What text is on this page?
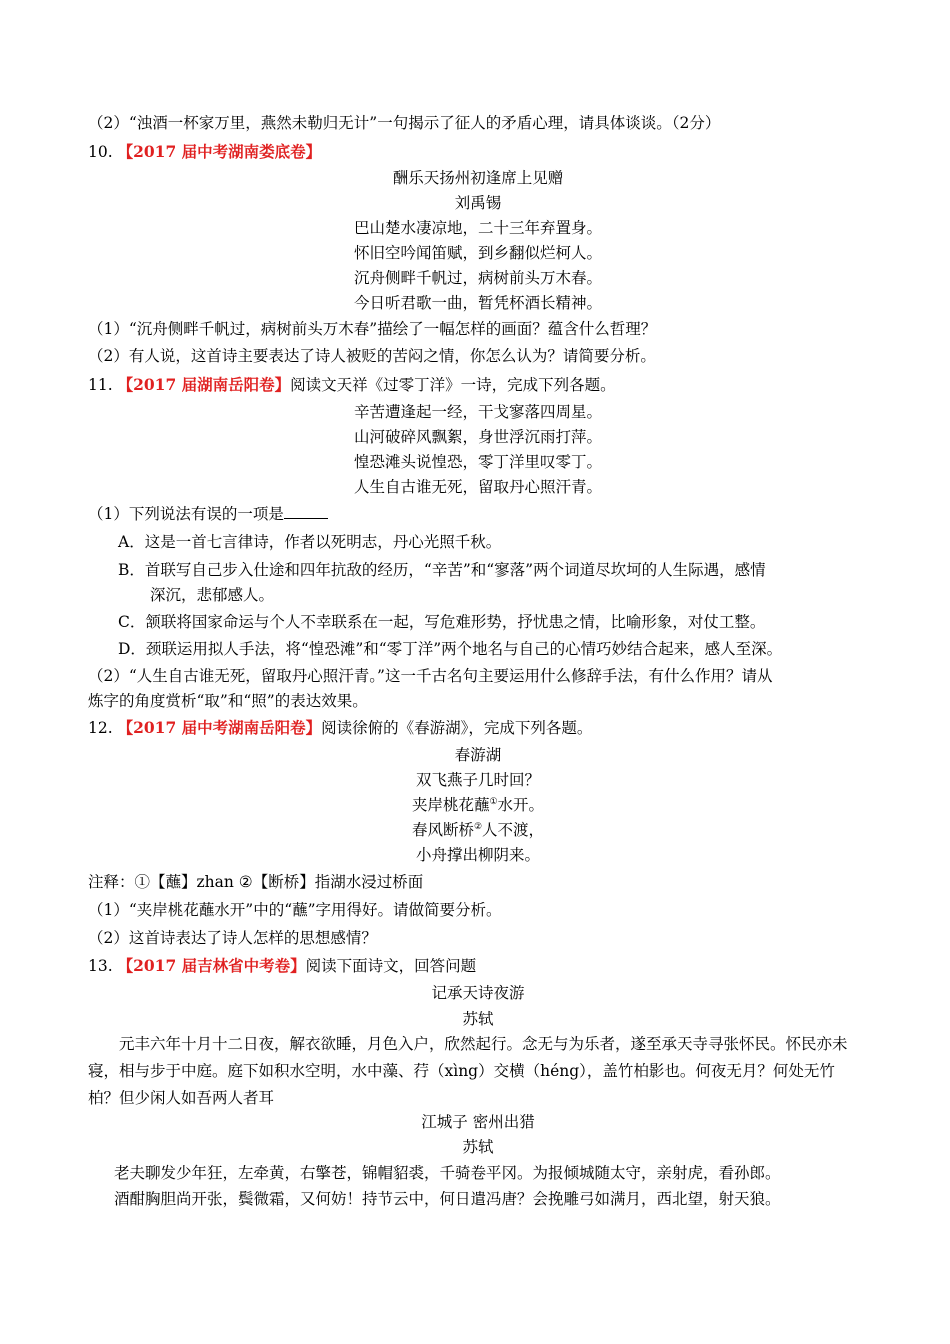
（2）“浊酒一杯家万里，燕然未勒归无计”一句揭示了征人的矛盾心理，请具体谈谈。（2分）
10. 【2017 届中考湖南娄底卷】
酬乐天扬州初逢席上见赠
刘禹锡
巴山楚水凄凉地，二十三年弃置身。
怀旧空吟闻笛赋，到乡翻似烂柯人。
沉舟侧畔千帆过，病树前头万木春。
今日听君歌一曲，暂凭杯酒长精神。
（1）“沉舟侧畔千帆过，病树前头万木春”描绘了一幅怎样的画面？蕴含什么哲理？
（2）有人说，这首诗主要表达了诗人被贬的苦闷之情，你怎么认为？请简要分析。
11. 【2017 届湖南岳阳卷】阅读文天祥《过零丁洋》一诗，完成下列各题。
辛苦遭逢起一经，干戈寥落四周星。
山河破碎风飘絮，身世浮沉雨打萍。
惶恐滩头说惶恐，零丁洋里叹零丁。
人生自古谁无死，留取丹心照汗青。
（1）下列说法有误的一项是
A．这是一首七言律诗，作者以死明志，丹心光照千秋。
B．首联写自己步入仕途和四年抗敌的经历，“辛苦”和“寥落”两个词道尽坎坷的人生际遇，感情
深沉，悲郁感人。
C．颔联将国家命运与个人不幸联系在一起，写危难形势，抒忧患之情，比喻形象，对仗工整。
D．颈联运用拟人手法，将“惶恐滩”和“零丁洋”两个地名与自己的心情巧妙结合起来，感人至深。
（2）“人生自古谁无死，留取丹心照汗青。”这一千古名句主要运用什么修辞手法，有什么作用？请从
炼字的角度赏析“取”和“照”的表达效果。
12. 【2017 届中考湖南岳阳卷】阅读徐俯的《春游湖》，完成下列各题。
春游湖
双飞燕子几时回？
夹岸桃花蘸①水开。
春风断桥②人不渡，
小舟撑出柳阴来。
注释：①【蘸】zhan ②【断桥】指湖水浸过桥面
（1）“夹岸桃花蘸水开”中的“蘸”字用得好。请做简要分析。
（2）这首诗表达了诗人怎样的思想感情？
13. 【2017 届吉林省中考卷】阅读下面诗文，回答问题
记承天诗夜游
苏轼
元丰六年十月十二日夜，解衣欲睡，月色入户，欣然起行。念无与为乐者，遂至承天寺寻张怀民。怀民亦未寝，相与步于中庭。庭下如积水空明，水中藻、荇（xìng）交横（héng），盖竹柏影也。何夜无月？何处无竹柏？但少闲人如吾两人者耳
江城子 密州出猎
苏轼
老夫聊发少年狂，左牵黄，右擎苍，锦帽貂裘，千骑卷平冈。为报倾城随太守，亲射虎，看孙郎。
酒酣胸胆尚开张，鬓微霜，又何妨！持节云中，何日遣冯唐？会挽雕弓如满月，西北望，射天狼。
